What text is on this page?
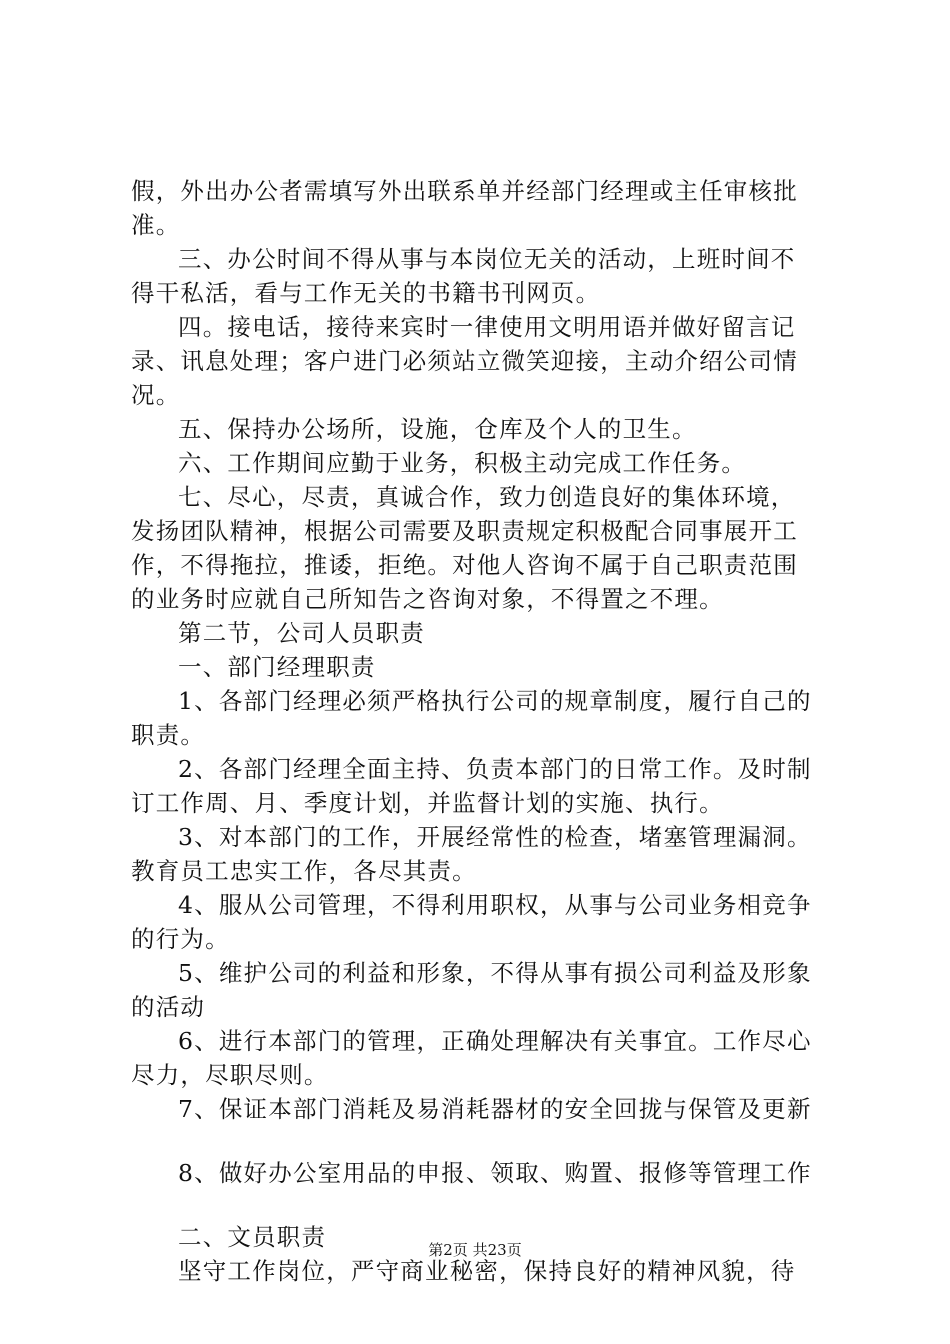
假，外出办公者需填写外出联系单并经部门经理或主任审核批
准。
三、办公时间不得从事与本岗位无关的活动，上班时间不
得干私活，看与工作无关的书籍书刊网页。
四。接电话，接待来宾时一律使用文明用语并做好留言记
录、讯息处理；客户进门必须站立微笑迎接，主动介绍公司情
况。
五、保持办公场所，设施，仓库及个人的卫生。
六、工作期间应勤于业务，积极主动完成工作任务。
七、尽心，尽责，真诚合作，致力创造良好的集体环境，
发扬团队精神，根据公司需要及职责规定积极配合同事展开工
作，不得拖拉，推诿，拒绝。对他人咨询不属于自己职责范围
的业务时应就自己所知告之咨询对象，不得置之不理。
第二节，公司人员职责
一、部门经理职责
1、各部门经理必须严格执行公司的规章制度，履行自己的
职责。
2、各部门经理全面主持、负责本部门的日常工作。及时制
订工作周、月、季度计划，并监督计划的实施、执行。
3、对本部门的工作，开展经常性的检查，堵塞管理漏洞。
教育员工忠实工作，各尽其责。
4、服从公司管理，不得利用职权，从事与公司业务相竞争
的行为。
5、维护公司的利益和形象，不得从事有损公司利益及形象
的活动
6、进行本部门的管理，正确处理解决有关事宜。工作尽心
尽力，尽职尽则。
7、保证本部门消耗及易消耗器材的安全回拢与保管及更新
8、做好办公室用品的申报、领取、购置、报修等管理工作
二、文员职责
坚守工作岗位，严守商业秘密，保持良好的精神风貌，待
第2页 共23页
